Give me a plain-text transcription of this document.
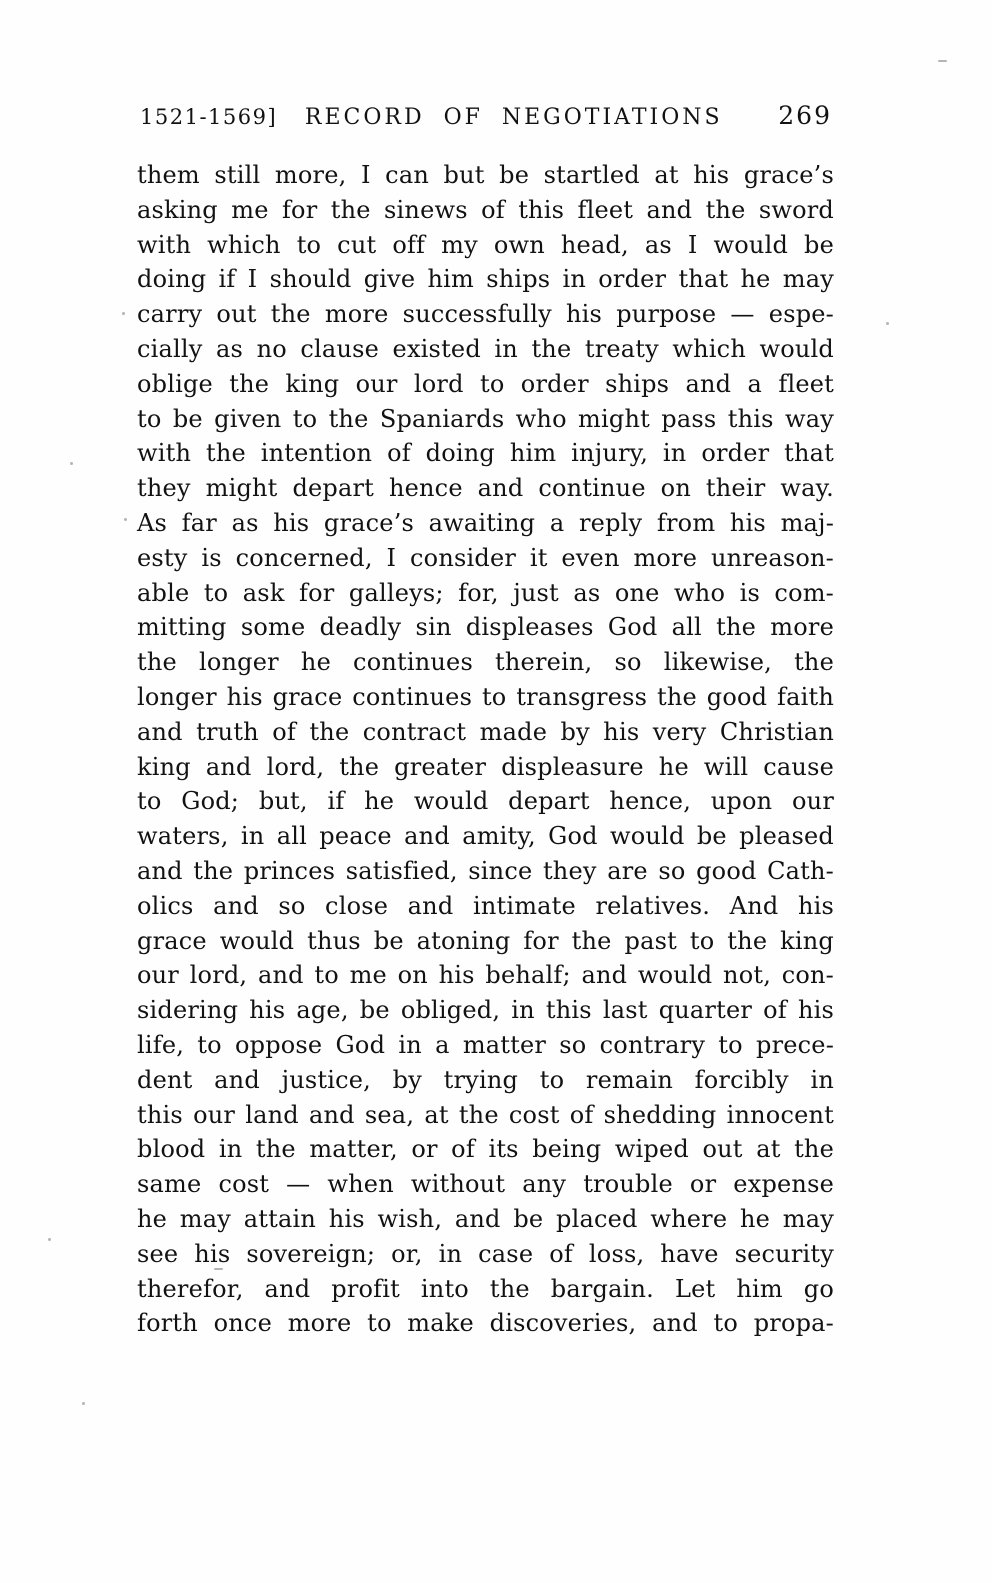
1521-1569]	RECORD OF NEGOTIATIONS	269
them still more, I can but be startled at his grace’s
asking me for the sinews of this fleet and the sword
with which to cut off my own head, as I would be
doing if I should give him ships in order that he may
carry out the more successfully his purpose — espe-
cially as no clause existed in the treaty which would
oblige the king our lord to order ships and a fleet
to be given to the Spaniards who might pass this way
with the intention of doing him injury, in order that
they might depart hence and continue on their way.
As far as his grace’s awaiting a reply from his maj-
esty is concerned, I consider it even more unreason-
able to ask for galleys; for, just as one who is com-
mitting some deadly sin displeases God all the more
the longer he continues therein, so likewise, the
longer his grace continues to transgress the good faith
and truth of the contract made by his very Christian
king and lord, the greater displeasure he will cause
to God; but, if he would depart hence, upon our
waters, in all peace and amity, God would be pleased
and the princes satisfied, since they are so good Cath-
olics and so close and intimate relatives. And his
grace would thus be atoning for the past to the king
our lord, and to me on his behalf; and would not, con-
sidering his age, be obliged, in this last quarter of his
life, to oppose God in a matter so contrary to prece-
dent and justice, by trying to remain forcibly in
this our land and sea, at the cost of shedding innocent
blood in the matter, or of its being wiped out at the
same cost — when without any trouble or expense
he may attain his wish, and be placed where he may
see his sovereign; or, in case of loss, have security
therefor, and profit into the bargain. Let him go
forth once more to make discoveries, and to propa-
